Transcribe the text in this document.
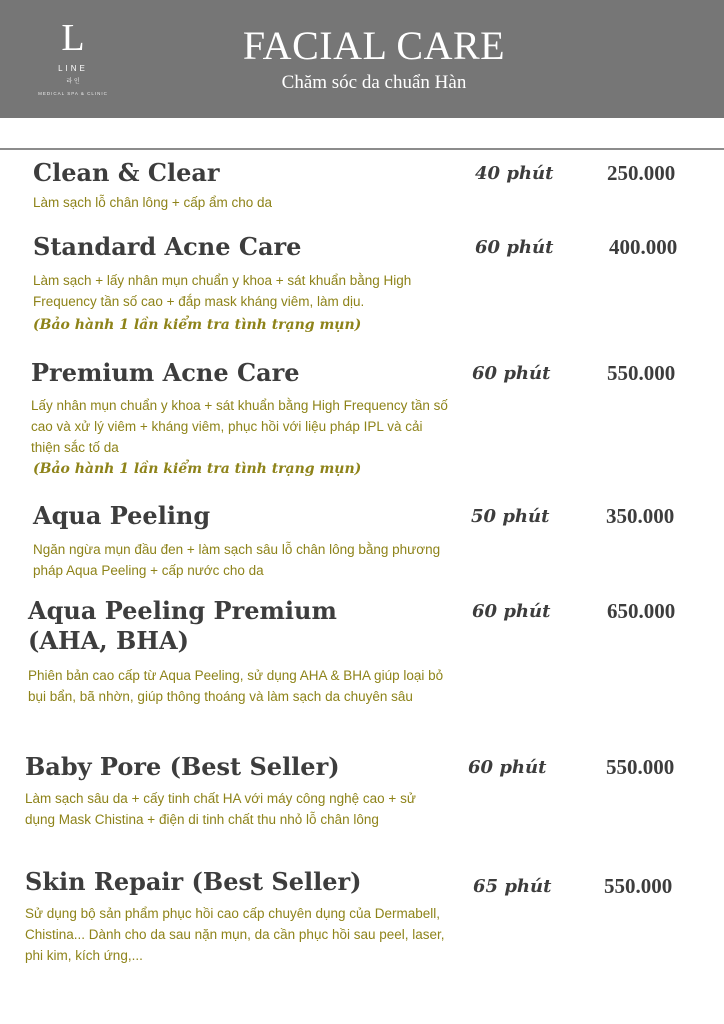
L
LINE
라 인
MEDICAL SPA & CLINIC
FACIAL CARE
Chăm sóc da chuẩn Hàn
Clean & Clear	40 phút	250.000
Làm sạch lỗ chân lông + cấp ẩm cho da
Standard Acne Care	60 phút	400.000
Làm sạch + lấy nhân mụn chuẩn y khoa + sát khuẩn bằng High Frequency tần số cao + đắp mask kháng viêm, làm dịu.
(Bảo hành 1 lần kiểm tra tình trạng mụn)
Premium Acne Care	60 phút	550.000
Lấy nhân mụn chuẩn y khoa + sát khuẩn bằng High Frequency tần số cao và xử lý viêm + kháng viêm, phục hồi với liệu pháp IPL và cải thiện sắc tố da
(Bảo hành 1 lần kiểm tra tình trạng mụn)
Aqua Peeling	50 phút	350.000
Ngăn ngừa mụn đầu đen + làm sạch sâu lỗ chân lông bằng phương pháp Aqua Peeling + cấp nước cho da
Aqua Peeling Premium
(AHA, BHA)
60 phút	650.000
Phiên bản cao cấp từ Aqua Peeling, sử dụng AHA & BHA giúp loại bỏ bụi bẩn, bã nhờn, giúp thông thoáng và làm sạch da chuyên sâu
Baby Pore (Best Seller)	60 phút	550.000
Làm sạch sâu da + cấy tinh chất HA với máy công nghệ cao + sử dụng Mask Chistina + điện di tinh chất thu nhỏ lỗ chân lông
Skin Repair (Best Seller)	65 phút	550.000
Sử dụng bộ sản phẩm phục hồi cao cấp chuyên dụng của Dermabell, Chistina... Dành cho da sau nặn mụn, da cần phục hồi sau peel, laser, phi kim, kích ứng,...
